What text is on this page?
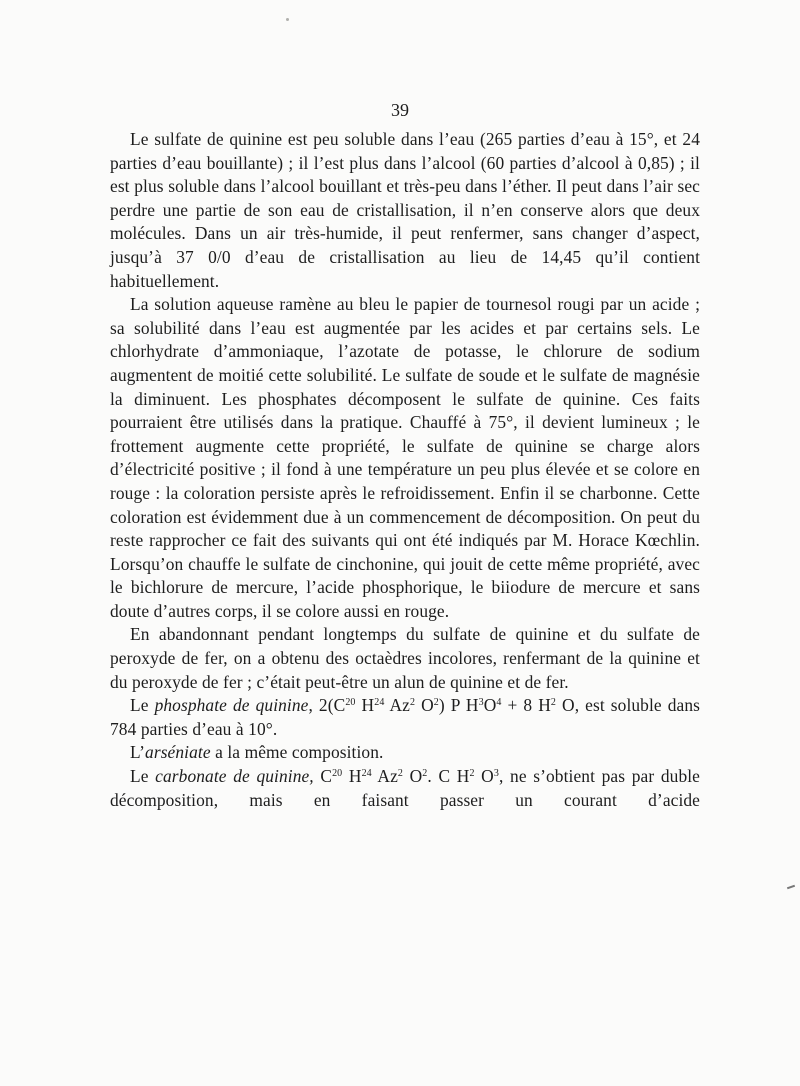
39

Le sulfate de quinine est peu soluble dans l’eau (265 parties d’eau à 15°, et 24 parties d’eau bouillante) ; il l’est plus dans l’alcool (60 parties d’alcool à 0,85) ; il est plus soluble dans l’alcool bouillant et très-peu dans l’éther. Il peut dans l’air sec perdre une partie de son eau de cristallisation, il n’en conserve alors que deux molécules. Dans un air très-humide, il peut renfermer, sans changer d’aspect, jusqu’à 37 0/0 d’eau de cristallisation au lieu de 14,45 qu’il contient habituellement.

La solution aqueuse ramène au bleu le papier de tournesol rougi par un acide ; sa solubilité dans l’eau est augmentée par les acides et par certains sels. Le chlorhydrate d’ammoniaque, l’azotate de potasse, le chlorure de sodium augmentent de moitié cette solubilité. Le sulfate de soude et le sulfate de magnésie la diminuent. Les phosphates décomposent le sulfate de quinine. Ces faits pourraient être utilisés dans la pratique. Chauffé à 75°, il devient lumineux ; le frottement augmente cette propriété, le sulfate de quinine se charge alors d’électricité positive ; il fond à une température un peu plus élevée et se colore en rouge : la coloration persiste après le refroidissement. Enfin il se charbonne. Cette coloration est évidemment due à un commencement de décomposition. On peut du reste rapprocher ce fait des suivants qui ont été indiqués par M. Horace Kœchlin. Lorsqu’on chauffe le sulfate de cinchonine, qui jouit de cette même propriété, avec le bichlorure de mercure, l’acide phosphorique, le biiodure de mercure et sans doute d’autres corps, il se colore aussi en rouge.

En abandonnant pendant longtemps du sulfate de quinine et du sulfate de peroxyde de fer, on a obtenu des octaèdres incolores, renfermant de la quinine et du peroxyde de fer ; c’était peut-être un alun de quinine et de fer.

Le phosphate de quinine, $2(C^{20}$ $H^{24}$ Az$^2$ $O^2$) P $H^3O^4 + 8$ $H^2$ O, est soluble dans 784 parties d’eau à 10°.

L’arséniate a la même composition.

Le carbonate de quinine, $C^{20}$ $H^{24}$ Az$^2$ $O^2$. C $H^2$ $O^3$, ne s’obtient pas par duble décomposition, mais en faisant passer un courant d’acide
